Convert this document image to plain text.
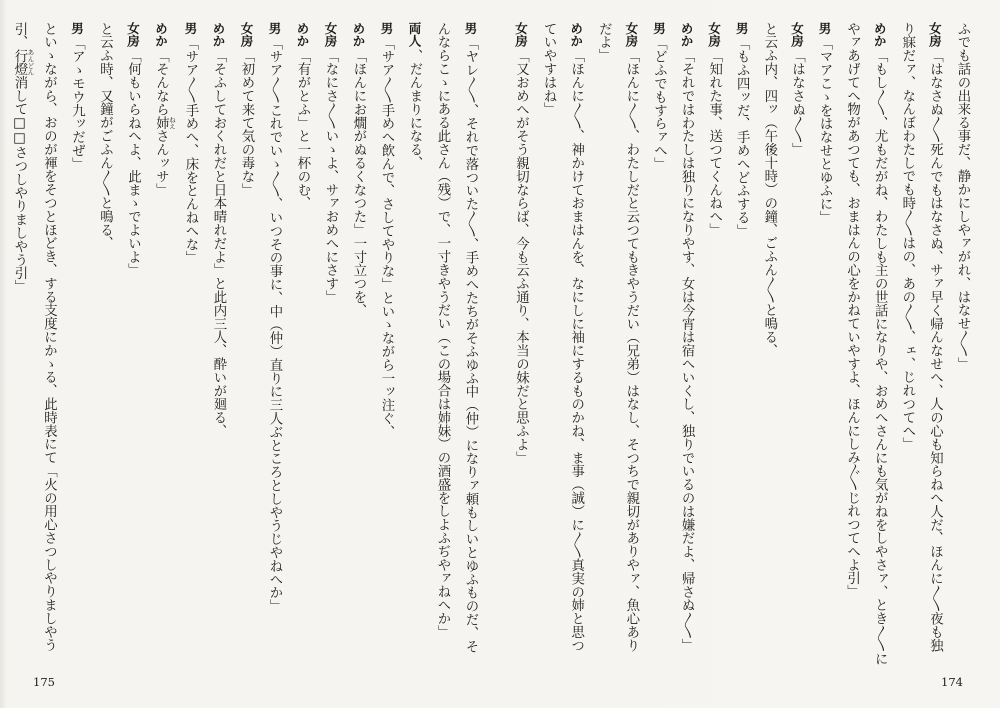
男「ヤレ〳〵、それで落ついた〳〵、手めへたちがそふゆふ中（仲）になりァ頼もしいとゆふものだ、そ
んならこゝにある此さん（残）で、一寸きやうだい（この場合は姉妹）の酒盛をしよふぢやァねへか」
両人、だんまりになる、
男「サア〳〵手めへ飲んで、さしてやりな」といゝながら一ッ注ぐ、
めか「ほんにお燗がぬるくなつた」一寸立つを、
女房「なにさ〳〵いゝよ、サァおめへにさす」
めか「有がとふ」と一杯のむ、
男「サア〳〵これでいゝ〳〵、いつその事に、中（仲）直りに三人ぶところとしやうじやねへか」
女房「初めて来て気の毒な」
めか「そふしておくれだと日本晴れだよ」と此内三人、酔いが廻る、
男「サア〳〵手めへ、床をとんねへな」
めか「そんなら姉 ねえさんッサ」
女房「何もいらねへよ、此まゝでよいよ」
と云ふ時、又鐘がごふん〳〵と鳴る、
男「アゝモウ九ッだぜ」
といゝながら、おのが褌をそつとほどき、する支度にかゝる、此時表にて「火の用心さつしやりましやう
引、行燈 あんどん消して□□さつしやりましやう引」
175
ふでも話の出来る事だ、静かにしやァがれ、はなせ〳〵」
女房「はなさぬ〳〵死んでもはなさぬ、サァ早く帰んなせへ、人の心も知らねへ人だ、ほんに〳〵夜も独
り寐だァ、なんぼわたしでも時〳〵はの、あの〳〵、ェ、じれつてへ」
めか「もし〳〵、尤もだがね、わたしも主の世話になりや、おめへさんにも気がねをしやさァ、とき〳〵に
やァあげてへ物があつても、おまはんの心をかねていやすよ、ほんにしみ〴〵じれつてへよ引」
男「マアこゝをはなせとゆふに」
女房「はなさぬ〳〵」
と云ふ内、四ッ（午後十時）の鐘、ごふん〳〵と鳴る、
男「もふ四ッだ、手めへどふする」
女房「知れた事、送つてくんねへ」
めか「それではわたしは独りになりやす、女は今宵は宿へいくし、独りでいるのは嫌だよ、帰さぬ〳〵」
男「どふでもすらァへ」
女房「ほんに〳〵、わたしだと云つてもきやうだい（兄弟）はなし、そつちで親切がありやァ、魚心あり
だよ」
めか「ほんに〳〵、神かけておまはんを、なにしに袖にするものかね、ま事（誠）に〳〵真実の姉と思つ
ていやすはね」
女房「又おめへがそう親切ならば、今も云ふ通り、本当の妹だと思ふよ」
174
